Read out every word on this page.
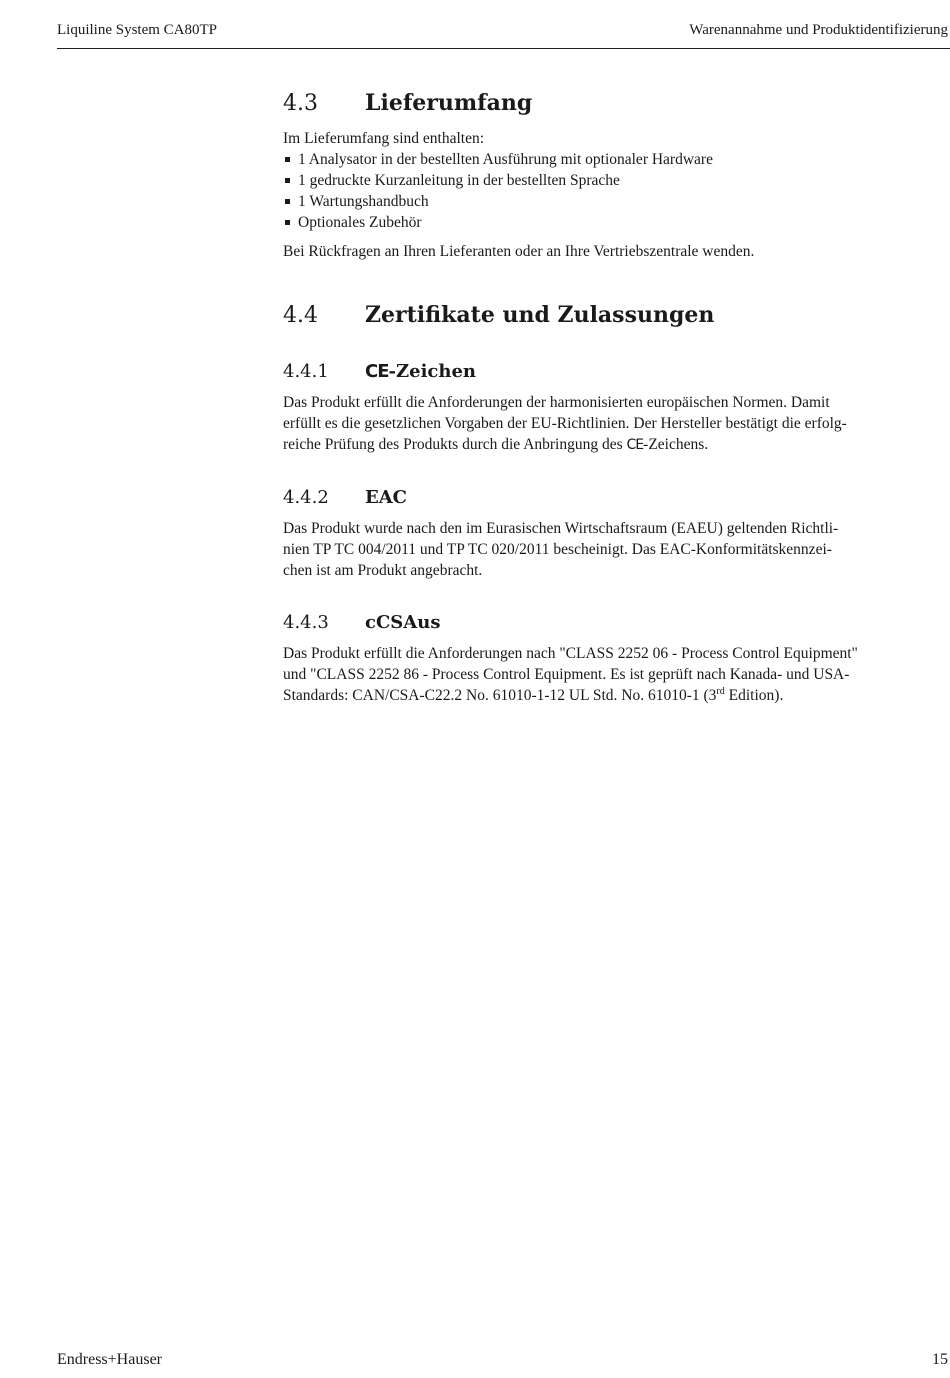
Liquiline System CA80TP	Warenannahme und Produktidentifizierung
4.3	Lieferumfang

Im Lieferumfang sind enthalten:

1 Analysator in der bestellten Ausführung mit optionaler Hardware
1 gedruckte Kurzanleitung in der bestellten Sprache
1 Wartungshandbuch
Optionales Zubehör

Bei Rückfragen an Ihren Lieferanten oder an Ihre Vertriebszentrale wenden.

4.4	Zertifikate und Zulassungen
4.4.1	CE-Zeichen

Das Produkt erfüllt die Anforderungen der harmonisierten europäischen Normen. Damit
erfüllt es die gesetzlichen Vorgaben der EU-Richtlinien. Der Hersteller bestätigt die erfolg-
reiche Prüfung des Produkts durch die Anbringung des CE-Zeichens.

4.4.2	EAC

Das Produkt wurde nach den im Eurasischen Wirtschaftsraum (EAEU) geltenden Richtli-
nien TP TC 004/2011 und TP TC 020/2011 bescheinigt. Das EAC-Konformitätskennzei-
chen ist am Produkt angebracht.

4.4.3	cCSAus

Das Produkt erfüllt die Anforderungen nach "CLASS 2252 06 - Process Control Equipment"
und "CLASS 2252 86 - Process Control Equipment. Es ist geprüft nach Kanada- und USA-
Standards: CAN/CSA-C22.2 No. 61010-1-12 UL Std. No. 61010-1 (3rd Edition).

Endress+Hauser	15
